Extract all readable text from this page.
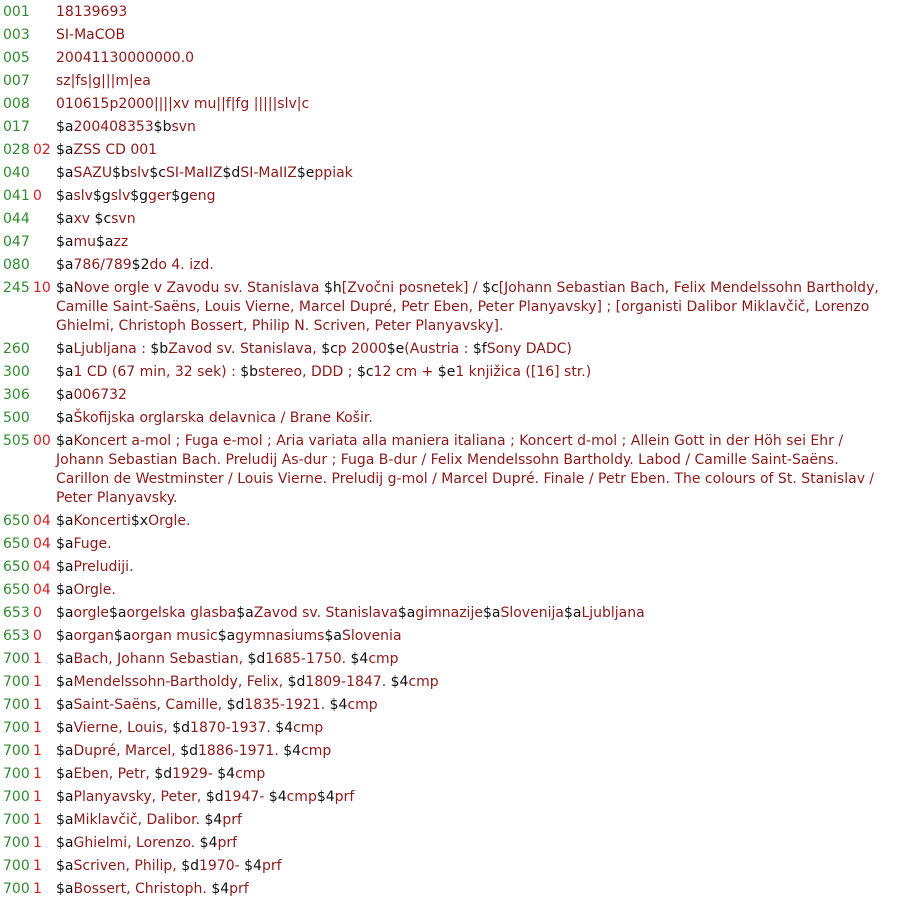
001 18139693
003 SI-MaCOB
005 20041130000000.0
007 sz|fs|g|||m|ea
008 010615p2000||||xv mu||f|fg |||||slv|c
017 $a200408353$bsvn
028 02 $aZSS CD 001
040 $aSAZU$bslv$cSI-MaIIZ$dSI-MaIIZ$eppiak
041 0	$aslv$gslv$gger$geng
044 $axv $csvn
047 $amu$azz
080 $a786/789$2do 4. izd.
245 10 $aNove orgle v Zavodu sv. Stanislava $h[Zvočni posnetek] / $c[Johann Sebastian Bach, Felix Mendelssohn Bartholdy, Camille Saint-Saëns, Louis Vierne, Marcel Dupré, Petr Eben, Peter Planyavsky] ; [organisti Dalibor Miklavčič, Lorenzo Ghielmi, Christoph Bossert, Philip N. Scriven, Peter Planyavsky].
260 $aLjubljana : $bZavod sv. Stanislava, $cp 2000$e(Austria : $fSony DADC)
300 $a1 CD (67 min, 32 sek) : $bstereo, DDD ; $c12 cm + $e1 knjižica ([16] str.)
306 $a006732
500 $aŠkofijska orglarska delavnica / Brane Košir.
505 00 $aKoncert a-mol ; Fuga e-mol ; Aria variata alla maniera italiana ; Koncert d-mol ; Allein Gott in der Höh sei Ehr / Johann Sebastian Bach. Preludij As-dur ; Fuga B-dur / Felix Mendelssohn Bartholdy. Labod / Camille Saint-Saëns. Carillon de Westminster / Louis Vierne. Preludij g-mol / Marcel Dupré. Finale / Petr Eben. The colours of St. Stanislav / Peter Planyavsky.
650 04 $aKoncerti$xOrgle.
650 04 $aFuge.
650 04 $aPreludiji.
650 04 $aOrgle.
653 0	$aorgle$aorgelska glasba$aZavod sv. Stanislava$agimnazije$aSlovenija$aLjubljana
653 0	$aorgan$aorgan music$agymnasiums$aSlovenia
700 1	$aBach, Johann Sebastian, $d1685-1750. $4cmp
700 1	$aMendelssohn-Bartholdy, Felix, $d1809-1847. $4cmp
700 1	$aSaint-Saëns, Camille, $d1835-1921. $4cmp
700 1	$aVierne, Louis, $d1870-1937. $4cmp
700 1	$aDupré, Marcel, $d1886-1971. $4cmp
700 1	$aEben, Petr, $d1929- $4cmp
700 1	$aPlanyavsky, Peter, $d1947- $4cmp$4prf
700 1	$aMiklavčič, Dalibor. $4prf
700 1	$aGhielmi, Lorenzo. $4prf
700 1	$aScriven, Philip, $d1970- $4prf
700 1	$aBossert, Christoph. $4prf
